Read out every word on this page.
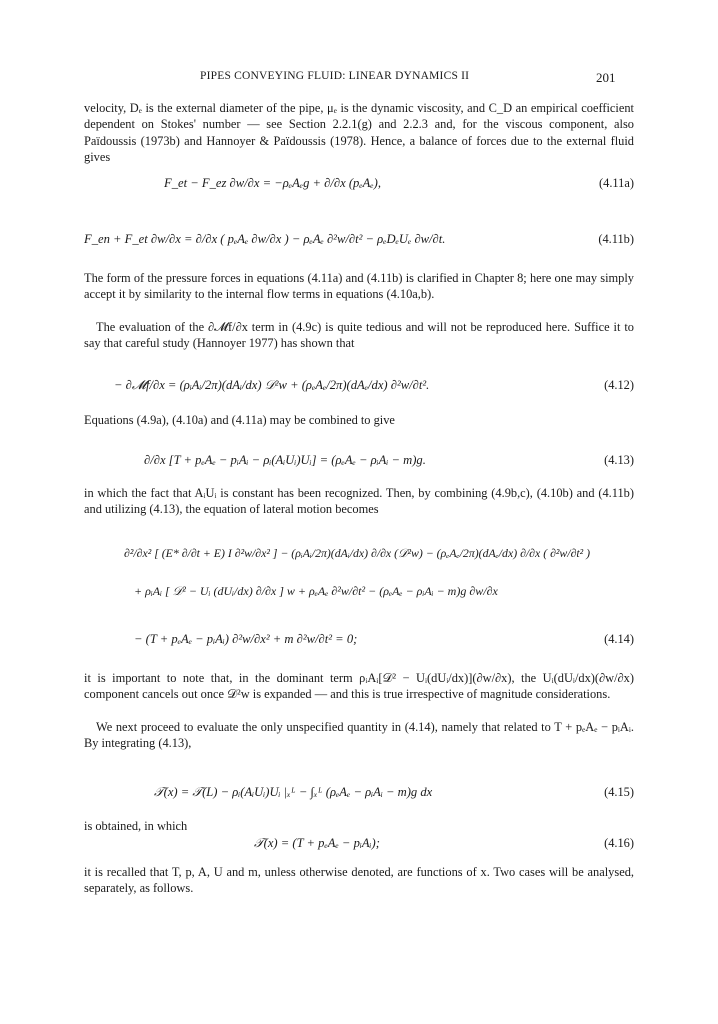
PIPES CONVEYING FLUID: LINEAR DYNAMICS II	201

velocity, Dₑ is the external diameter of the pipe, μₑ is the dynamic viscosity, and C_D an empirical coefficient dependent on Stokes' number — see Section 2.2.1(g) and 2.2.3 and, for the viscous component, also Païdoussis (1973b) and Hannoyer & Païdoussis (1978). Hence, a balance of forces due to the external fluid gives

F_et − F_ez ∂w/∂x = −ρₑAₑg + ∂/∂x (pₑAₑ),	(4.11a)
F_en + F_et ∂w/∂x = ∂/∂x ( pₑAₑ ∂w/∂x ) − ρₑAₑ ∂²w/∂t² − ρₑDₑUₑ ∂w/∂t.	(4.11b)

The form of the pressure forces in equations (4.11a) and (4.11b) is clarified in Chapter 8; here one may simply accept it by similarity to the internal flow terms in equations (4.10a,b).

The evaluation of the ∂𝓜f/∂x term in (4.9c) is quite tedious and will not be reproduced here. Suffice it to say that careful study (Hannoyer 1977) has shown that

− ∂𝓜f/∂x = (ρᵢAᵢ/2π)(dAᵢ/dx) 𝒟²w + (ρₑAₑ/2π)(dAₑ/dx) ∂²w/∂t².	(4.12)

Equations (4.9a), (4.10a) and (4.11a) may be combined to give

∂/∂x [T + pₑAₑ − pᵢAᵢ − ρᵢ(AᵢUᵢ)Uᵢ] = (ρₑAₑ − ρᵢAᵢ − m)g.	(4.13)

in which the fact that AᵢUᵢ is constant has been recognized. Then, by combining (4.9b,c), (4.10b) and (4.11b) and utilizing (4.13), the equation of lateral motion becomes

∂²/∂x² [ (E* ∂/∂t + E) I ∂²w/∂x² ] − (ρᵢAᵢ/2π)(dAᵢ/dx) ∂/∂x (𝒟²w) − (ρₑAₑ/2π)(dAₑ/dx) ∂/∂x ( ∂²w/∂t² )
+ ρᵢAᵢ [ 𝒟² − Uᵢ (dUᵢ/dx) ∂/∂x ] w + ρₑAₑ ∂²w/∂t² − (ρₑAₑ − ρᵢAᵢ − m)g ∂w/∂x
− (T + pₑAₑ − pᵢAᵢ) ∂²w/∂x² + m ∂²w/∂t² = 0;	(4.14)

it is important to note that, in the dominant term ρᵢAᵢ[𝒟² − Uᵢ(dUᵢ/dx)](∂w/∂x), the Uᵢ(dUᵢ/dx)(∂w/∂x) component cancels out once 𝒟²w is expanded — and this is true irrespective of magnitude considerations.

We next proceed to evaluate the only unspecified quantity in (4.14), namely that related to T + pₑAₑ − pᵢAᵢ. By integrating (4.13),

𝒯(x) = 𝒯(L) − ρᵢ(AᵢUᵢ)Uᵢ |ₓᴸ − ∫ₓᴸ (ρₑAₑ − ρᵢAᵢ − m)g dx	(4.15)

is obtained, in which

𝒯(x) = (T + pₑAₑ − pᵢAᵢ);	(4.16)

it is recalled that T, p, A, U and m, unless otherwise denoted, are functions of x. Two cases will be analysed, separately, as follows.
